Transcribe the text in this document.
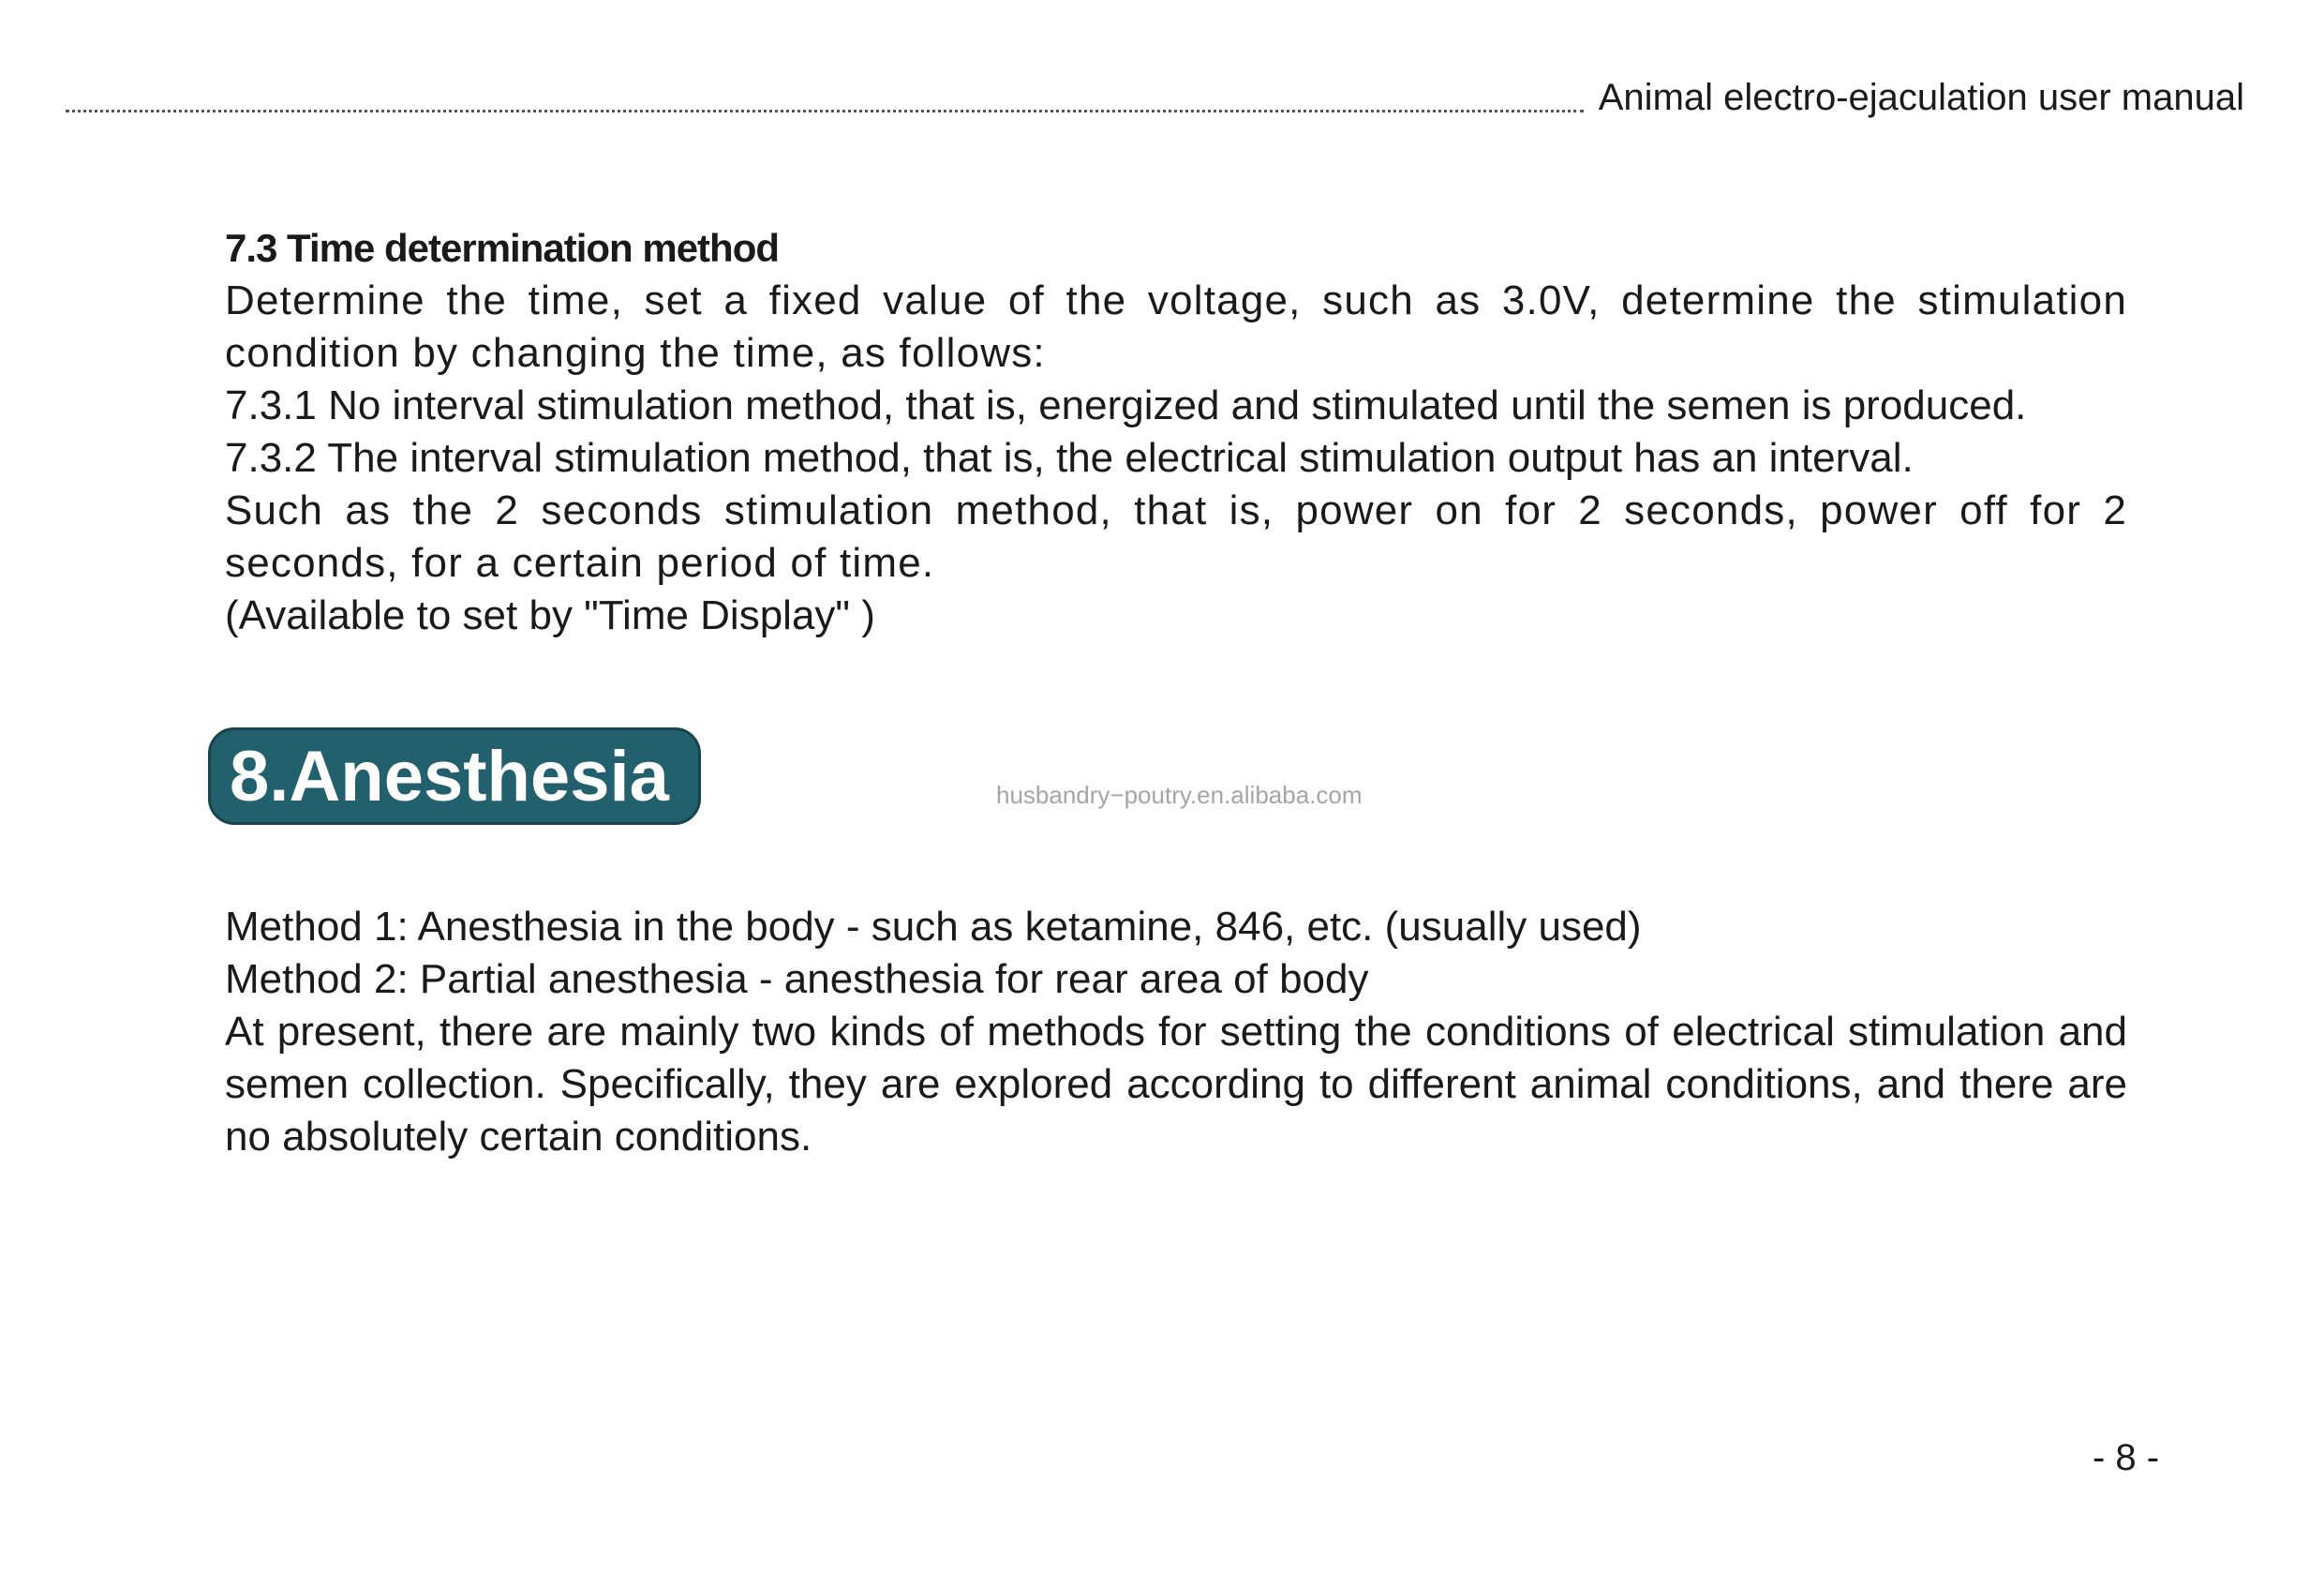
Animal electro-ejaculation user manual
7.3 Time determination method

Determine the time, set a fixed value of the voltage, such as 3.0V, determine the stimulation condition by changing the time, as follows:

7.3.1 No interval stimulation method, that is, energized and stimulated until the semen is produced.

7.3.2 The interval stimulation method, that is, the electrical stimulation output has an interval.

Such as the 2 seconds stimulation method, that is, power on for 2 seconds, power off for 2 seconds, for a certain period of time.

(Available to set by "Time Display" )

8.Anesthesia	husbandry−poutry.en.alibaba.com

Method 1: Anesthesia in the body - such as ketamine, 846, etc. (usually used)

Method 2: Partial anesthesia - anesthesia for rear area of body

At present, there are mainly two kinds of methods for setting the conditions of electrical stimulation and semen collection. Specifically, they are explored according to different animal conditions, and there are no absolutely certain conditions.

- 8 -
